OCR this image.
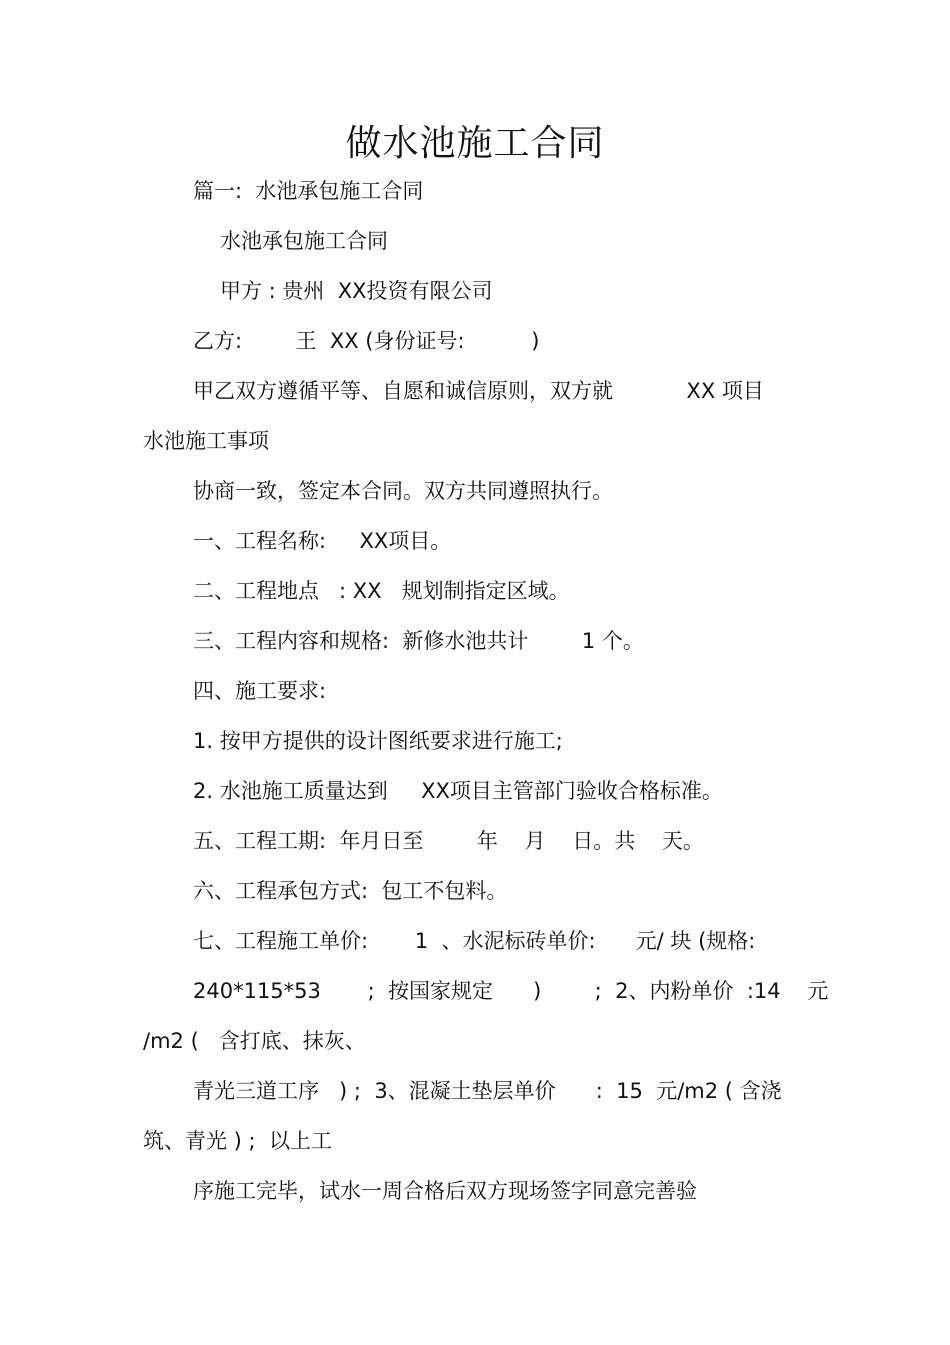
做水池施工合同
篇一:  水池承包施工合同
水池承包施工合同
甲方 : 贵州  XX投资有限公司
乙方:        王  XX (身份证号:          )
甲乙双方遵循平等、自愿和诚信原则，双方就           XX 项目
水池施工事项
协商一致，签定本合同。双方共同遵照执行。
一、工程名称:     XX项目。
二、工程地点   : XX   规划制指定区域。
三、工程内容和规格:  新修水池共计        1 个。
四、施工要求:
1. 按甲方提供的设计图纸要求进行施工;
2. 水池施工质量达到     XX项目主管部门验收合格标准。
五、工程工期:  年月日至        年    月    日。共    天。
六、工程承包方式:  包工不包料。
七、工程施工单价:       1  、水泥标砖单价:      元/ 块 (规格:
240*115*53       ;  按国家规定      )        ;  2、内粉单价  :14    元
/m2 (   含打底、抹灰、
青光三道工序   ) ;  3、混凝土垫层单价      :  15  元/m2 ( 含浇
筑、青光 ) ;  以上工
序施工完毕，试水一周合格后双方现场签字同意完善验
